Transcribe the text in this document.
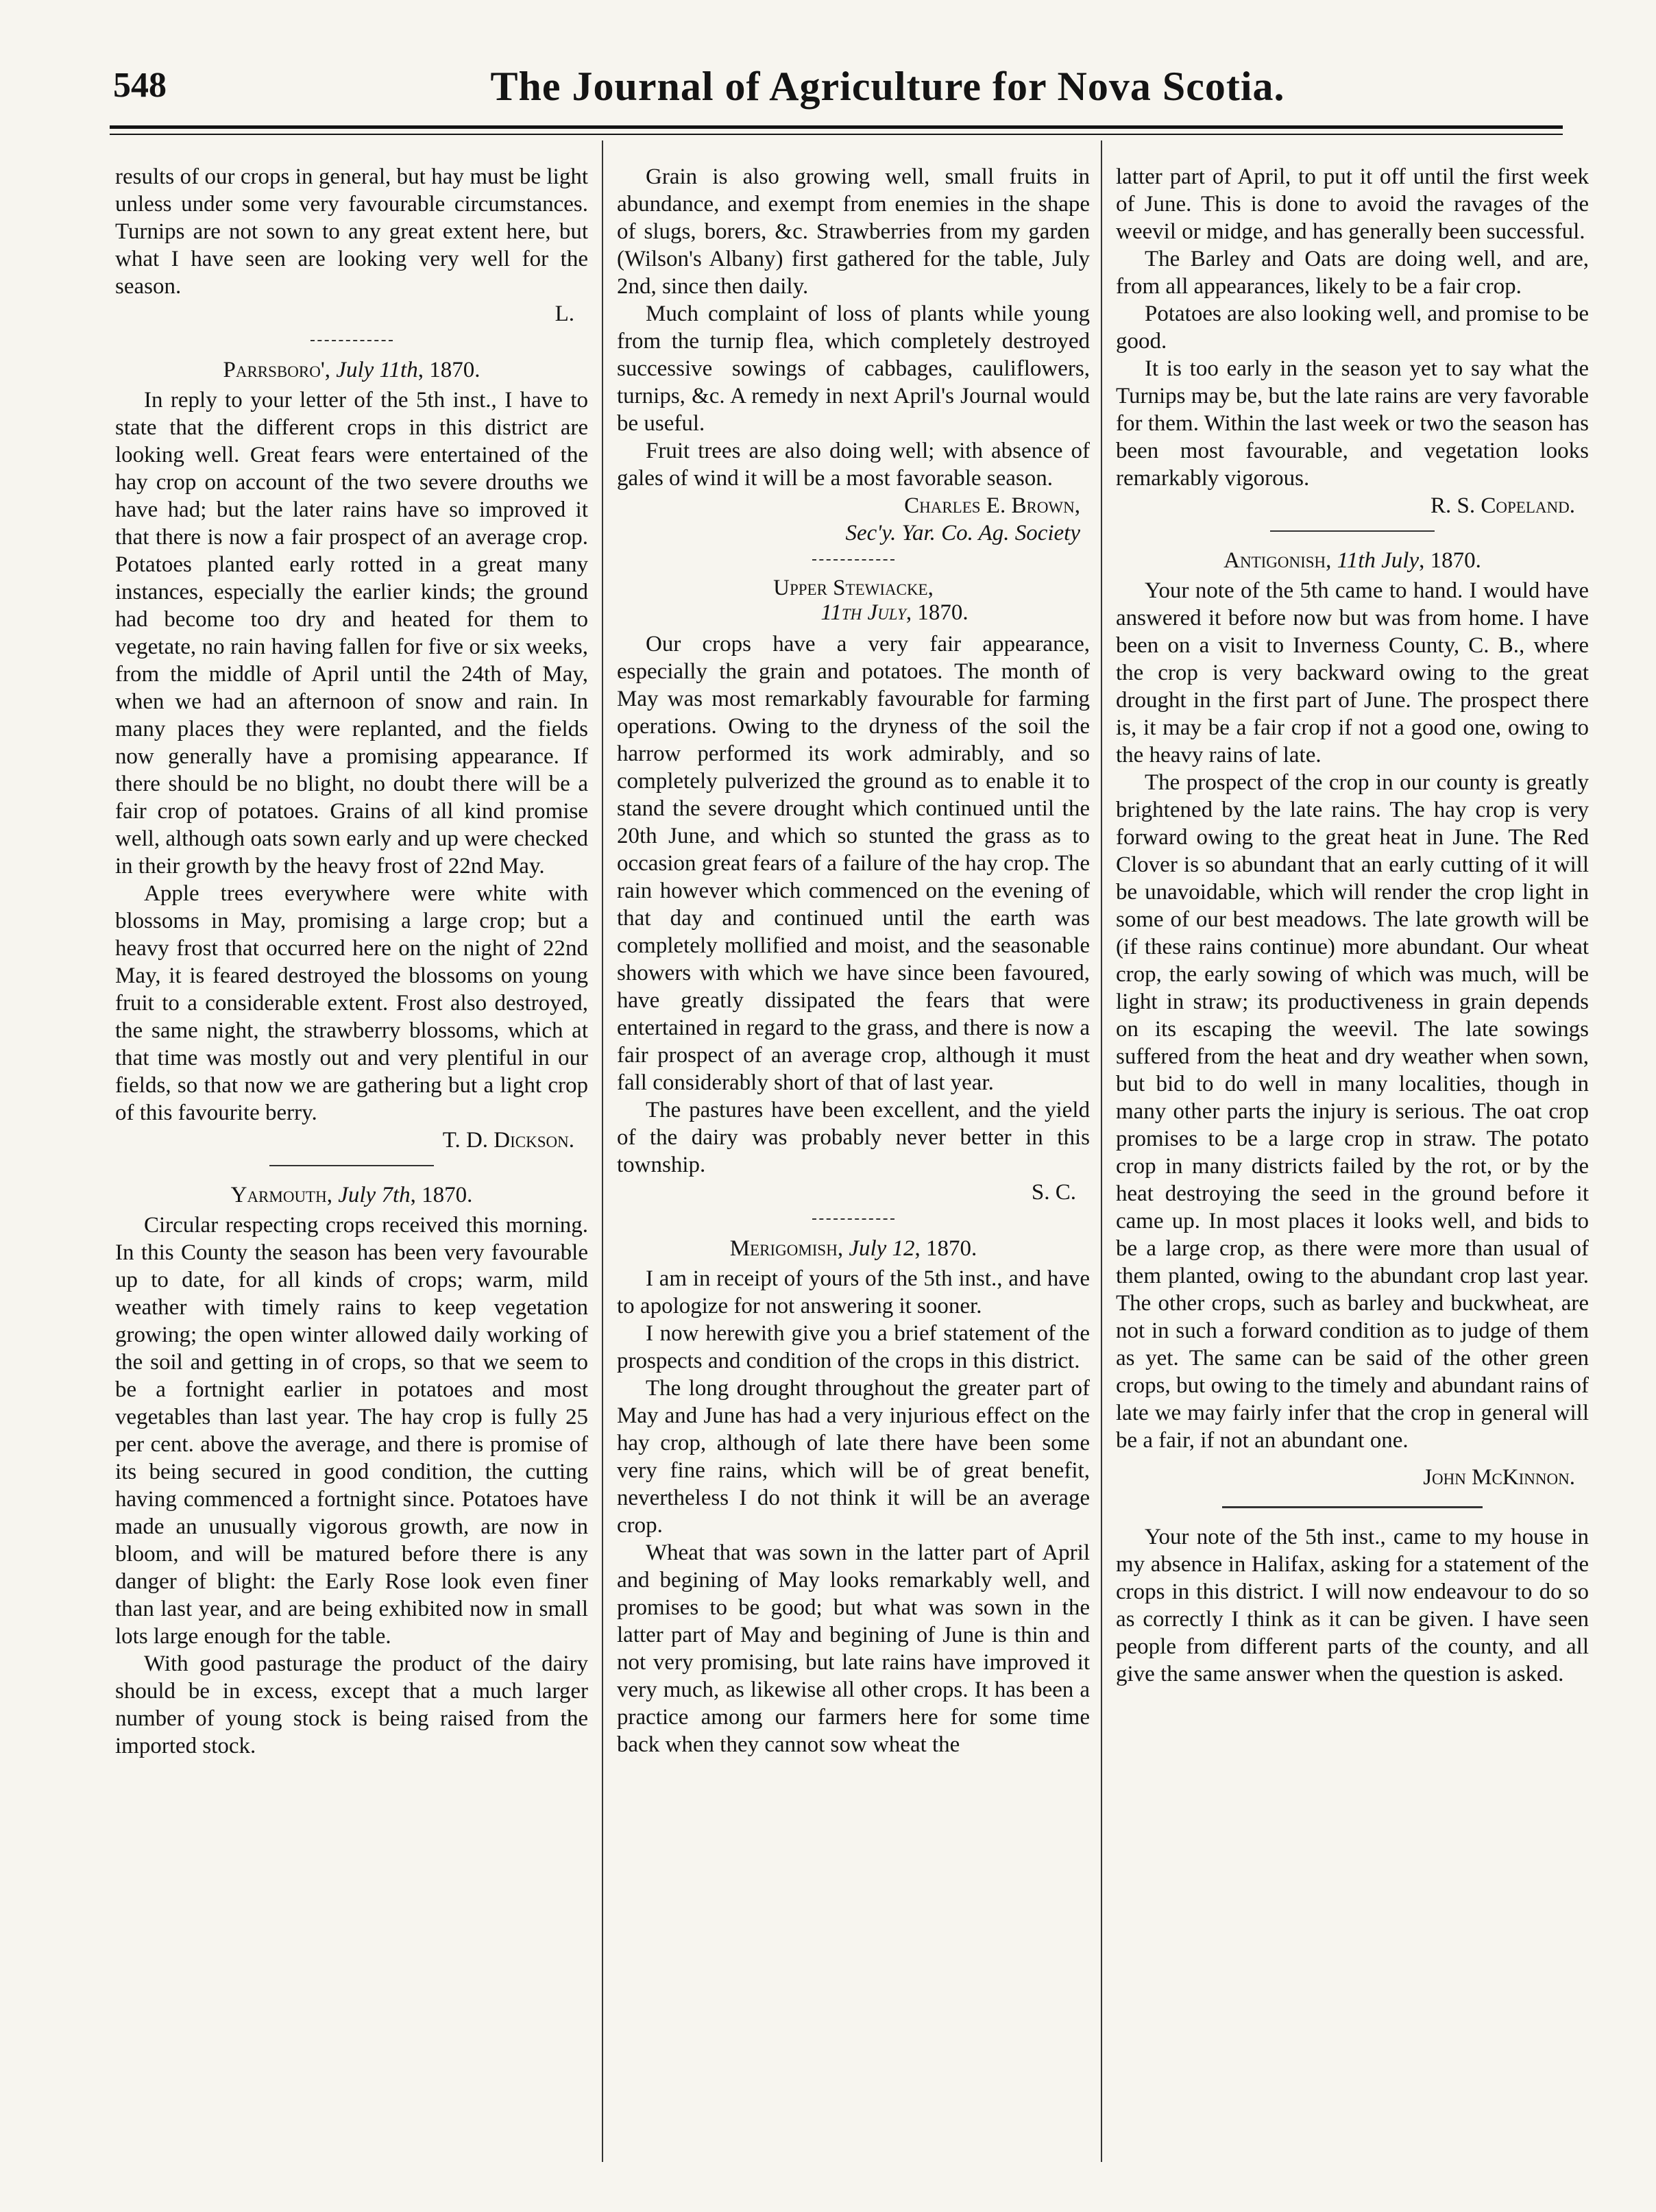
548	The Journal of Agriculture for Nova Scotia.

results of our crops in general, but hay must be light unless under some very favourable circumstances. Turnips are not sown to any great extent here, but what I have seen are looking very well for the season.

L.
Parrsboro', July 11th, 1870.

In reply to your letter of the 5th inst., I have to state that the different crops in this district are looking well. Great fears were entertained of the hay crop on account of the two severe drouths we have had; but the later rains have so improved it that there is now a fair prospect of an average crop. Potatoes planted early rotted in a great many instances, especially the earlier kinds; the ground had become too dry and heated for them to vegetate, no rain having fallen for five or six weeks, from the middle of April until the 24th of May, when we had an afternoon of snow and rain. In many places they were replanted, and the fields now generally have a promising appearance. If there should be no blight, no doubt there will be a fair crop of potatoes. Grains of all kind promise well, although oats sown early and up were checked in their growth by the heavy frost of 22nd May.

Apple trees everywhere were white with blossoms in May, promising a large crop; but a heavy frost that occurred here on the night of 22nd May, it is feared destroyed the blossoms on young fruit to a considerable extent. Frost also destroyed, the same night, the strawberry blossoms, which at that time was mostly out and very plentiful in our fields, so that now we are gathering but a light crop of this favourite berry.

T. D. Dickson.
Yarmouth, July 7th, 1870.

Circular respecting crops received this morning. In this County the season has been very favourable up to date, for all kinds of crops; warm, mild weather with timely rains to keep vegetation growing; the open winter allowed daily working of the soil and getting in of crops, so that we seem to be a fortnight earlier in potatoes and most vegetables than last year. The hay crop is fully 25 per cent. above the average, and there is promise of its being secured in good condition, the cutting having commenced a fortnight since. Potatoes have made an unusually vigorous growth, are now in bloom, and will be matured before there is any danger of blight: the Early Rose look even finer than last year, and are being exhibited now in small lots large enough for the table.

With good pasturage the product of the dairy should be in excess, except that a much larger number of young stock is being raised from the imported stock.

Grain is also growing well, small fruits in abundance, and exempt from enemies in the shape of slugs, borers, &c. Strawberries from my garden (Wilson's Albany) first gathered for the table, July 2nd, since then daily.

Much complaint of loss of plants while young from the turnip flea, which completely destroyed successive sowings of cabbages, cauliflowers, turnips, &c. A remedy in next April's Journal would be useful.

Fruit trees are also doing well; with absence of gales of wind it will be a most favorable season.

Charles E. Brown,
Sec'y. Yar. Co. Ag. Society
Upper Stewiacke,
11th July, 1870.

Our crops have a very fair appearance, especially the grain and potatoes. The month of May was most remarkably favourable for farming operations. Owing to the dryness of the soil the harrow performed its work admirably, and so completely pulverized the ground as to enable it to stand the severe drought which continued until the 20th June, and which so stunted the grass as to occasion great fears of a failure of the hay crop. The rain however which commenced on the evening of that day and continued until the earth was completely mollified and moist, and the seasonable showers with which we have since been favoured, have greatly dissipated the fears that were entertained in regard to the grass, and there is now a fair prospect of an average crop, although it must fall considerably short of that of last year.

The pastures have been excellent, and the yield of the dairy was probably never better in this township.

S. C.
Merigomish, July 12, 1870.

I am in receipt of yours of the 5th inst., and have to apologize for not answering it sooner.

I now herewith give you a brief statement of the prospects and condition of the crops in this district.

The long drought throughout the greater part of May and June has had a very injurious effect on the hay crop, although of late there have been some very fine rains, which will be of great benefit, nevertheless I do not think it will be an average crop.

Wheat that was sown in the latter part of April and begining of May looks remarkably well, and promises to be good; but what was sown in the latter part of May and begining of June is thin and not very promising, but late rains have improved it very much, as likewise all other crops. It has been a practice among our farmers here for some time back when they cannot sow wheat the

latter part of April, to put it off until the first week of June. This is done to avoid the ravages of the weevil or midge, and has generally been successful.

The Barley and Oats are doing well, and are, from all appearances, likely to be a fair crop.

Potatoes are also looking well, and promise to be good.

It is too early in the season yet to say what the Turnips may be, but the late rains are very favorable for them. Within the last week or two the season has been most favourable, and vegetation looks remarkably vigorous.

R. S. Copeland.
Antigonish, 11th July, 1870.

Your note of the 5th came to hand. I would have answered it before now but was from home. I have been on a visit to Inverness County, C. B., where the crop is very backward owing to the great drought in the first part of June. The prospect there is, it may be a fair crop if not a good one, owing to the heavy rains of late.

The prospect of the crop in our county is greatly brightened by the late rains. The hay crop is very forward owing to the great heat in June. The Red Clover is so abundant that an early cutting of it will be unavoidable, which will render the crop light in some of our best meadows. The late growth will be (if these rains continue) more abundant. Our wheat crop, the early sowing of which was much, will be light in straw; its productiveness in grain depends on its escaping the weevil. The late sowings suffered from the heat and dry weather when sown, but bid to do well in many localities, though in many other parts the injury is serious. The oat crop promises to be a large crop in straw. The potato crop in many districts failed by the rot, or by the heat destroying the seed in the ground before it came up. In most places it looks well, and bids to be a large crop, as there were more than usual of them planted, owing to the abundant crop last year. The other crops, such as barley and buckwheat, are not in such a forward condition as to judge of them as yet. The same can be said of the other green crops, but owing to the timely and abundant rains of late we may fairly infer that the crop in general will be a fair, if not an abundant one.

John McKinnon.

Your note of the 5th inst., came to my house in my absence in Halifax, asking for a statement of the crops in this district. I will now endeavour to do so as correctly I think as it can be given. I have seen people from different parts of the county, and all give the same answer when the question is asked.
